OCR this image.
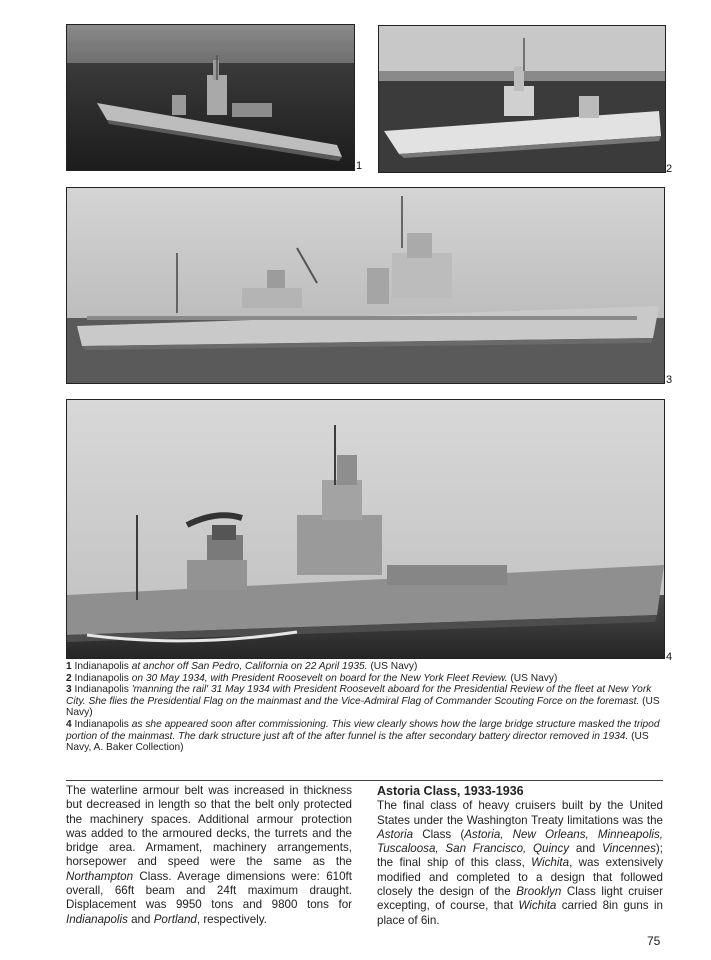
1	2
3
4

1 Indianapolis at anchor off San Pedro, California on 22 April 1935. (US Navy)

2 Indianapolis on 30 May 1934, with President Roosevelt on board for the New York Fleet Review. (US Navy)

3 Indianapolis 'manning the rail' 31 May 1934 with President Roosevelt aboard for the Presidential Review of the fleet at New York City. She flies the Presidential Flag on the mainmast and the Vice-Admiral Flag of Commander Scouting Force on the foremast. (US Navy)

4 Indianapolis as she appeared soon after commissioning. This view clearly shows how the large bridge structure masked the tripod portion of the mainmast. The dark structure just aft of the after funnel is the after secondary battery director removed in 1934. (US Navy, A. Baker Collection)

The waterline armour belt was increased in thickness but decreased in length so that the belt only protected the machinery spaces. Additional armour protection was added to the armoured decks, the turrets and the bridge area. Armament, machinery arrangements, horsepower and speed were the same as the Northampton Class. Average dimensions were: 610ft overall, 66ft beam and 24ft maximum draught. Displacement was 9950 tons and 9800 tons for Indianapolis and Portland, respectively.
Astoria Class, 1933-1936
The final class of heavy cruisers built by the United States under the Washington Treaty limitations was the Astoria Class (Astoria, New Orleans, Minneapolis, Tuscaloosa, San Francisco, Quincy and Vincennes); the final ship of this class, Wichita, was extensively modified and completed to a design that followed closely the design of the Brooklyn Class light cruiser excepting, of course, that Wichita carried 8in guns in place of 6in.
75
